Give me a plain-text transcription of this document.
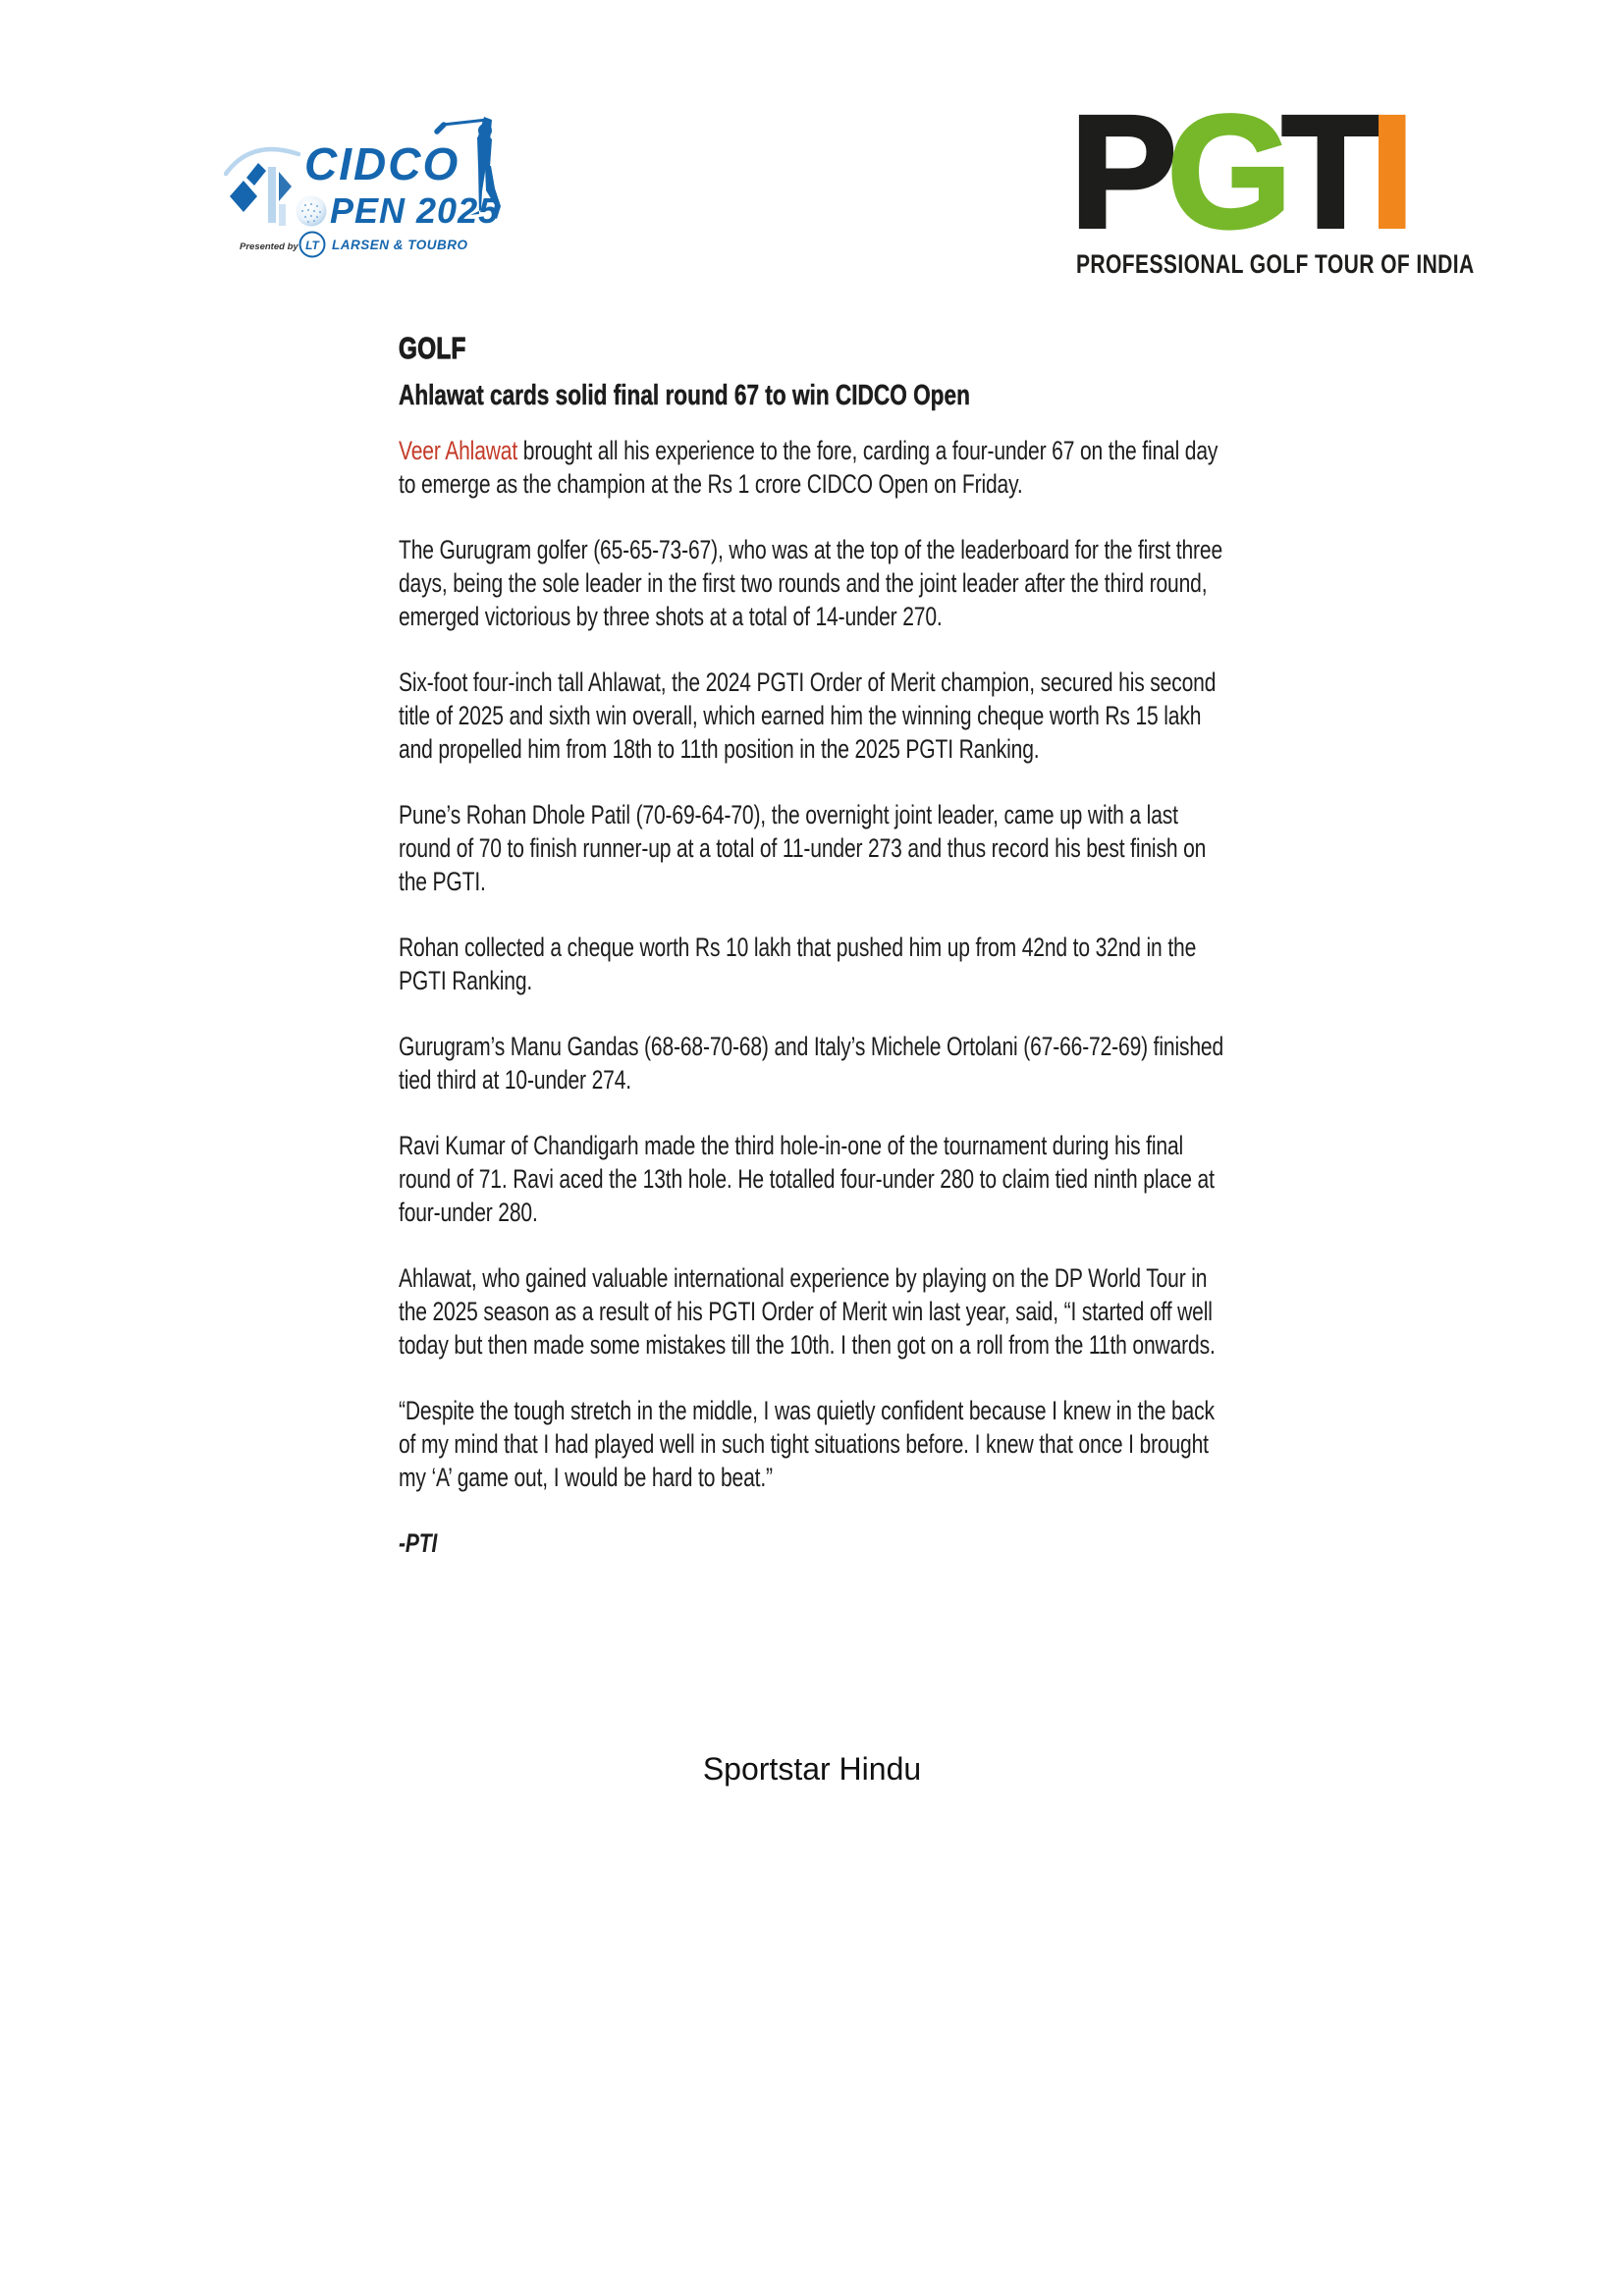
CIDCO
PEN 2025
Presented by LT LARSEN & TOUBRO	PGTI
PROFESSIONAL GOLF TOUR OF INDIA
GOLF
Ahlawat cards solid final round 67 to win CIDCO Open

Veer Ahlawat brought all his experience to the fore, carding a four-under 67 on the final day to emerge as the champion at the Rs 1 crore CIDCO Open on Friday.

The Gurugram golfer (65-65-73-67), who was at the top of the leaderboard for the first three days, being the sole leader in the first two rounds and the joint leader after the third round, emerged victorious by three shots at a total of 14-under 270.

Six-foot four-inch tall Ahlawat, the 2024 PGTI Order of Merit champion, secured his second title of 2025 and sixth win overall, which earned him the winning cheque worth Rs 15 lakh and propelled him from 18th to 11th position in the 2025 PGTI Ranking.

Pune’s Rohan Dhole Patil (70-69-64-70), the overnight joint leader, came up with a last round of 70 to finish runner-up at a total of 11-under 273 and thus record his best finish on the PGTI.

Rohan collected a cheque worth Rs 10 lakh that pushed him up from 42nd to 32nd in the PGTI Ranking.

Gurugram’s Manu Gandas (68-68-70-68) and Italy’s Michele Ortolani (67-66-72-69) finished tied third at 10-under 274.

Ravi Kumar of Chandigarh made the third hole-in-one of the tournament during his final round of 71. Ravi aced the 13th hole. He totalled four-under 280 to claim tied ninth place at four-under 280.

Ahlawat, who gained valuable international experience by playing on the DP World Tour in the 2025 season as a result of his PGTI Order of Merit win last year, said, “I started off well today but then made some mistakes till the 10th. I then got on a roll from the 11th onwards.

“Despite the tough stretch in the middle, I was quietly confident because I knew in the back of my mind that I had played well in such tight situations before. I knew that once I brought my ‘A’ game out, I would be hard to beat.”

-PTI

Sportstar Hindu
